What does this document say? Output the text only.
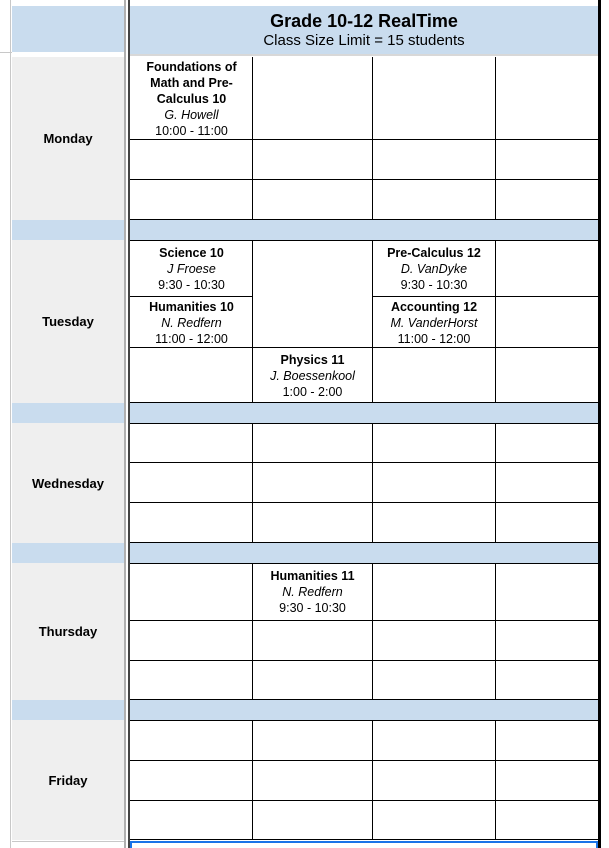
Grade 10-12 RealTime
Class Size Limit = 15 students
Monday
Tuesday
Wednesday
Thursday
Friday
Foundations of Math and Pre-Calculus 10
G. Howell
10:00 - 11:00
Science 10
J Froese
9:30 - 10:30
Pre-Calculus 12
D. VanDyke
9:30 - 10:30
Humanities 10
N. Redfern
11:00 - 12:00
Accounting 12
M. VanderHorst
11:00 - 12:00
Physics 11
J. Boessenkool
1:00 - 2:00
Humanities 11
N. Redfern
9:30 - 10:30
